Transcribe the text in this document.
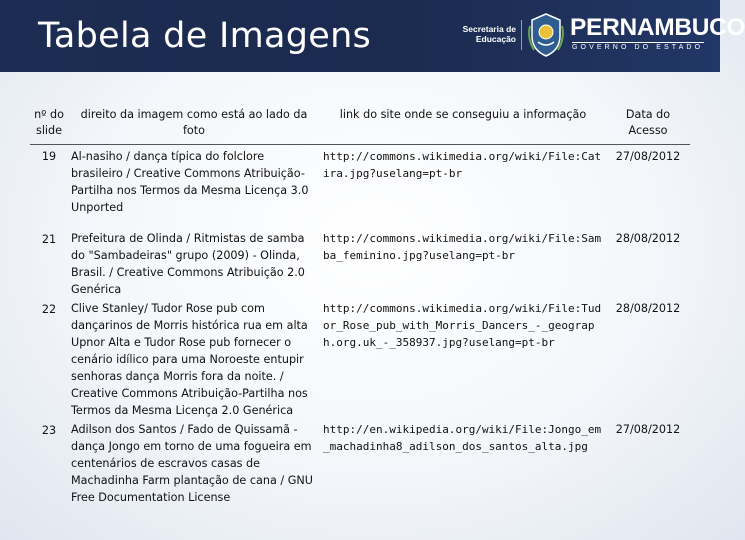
Tabela de Imagens	Secretaria de
Educação PERNAMBUCO
GOVERNO DO ESTADO
nº do slide	direito da imagem como está ao lado da foto	link do site onde se conseguiu a informação	Data do Acesso
19	Al-nasiho / dança típica do folclore brasileiro / Creative Commons Atribuição-Partilha nos Termos da Mesma Licença 3.0 Unported	http://commons.wikimedia.org/wiki/File:Catira.jpg?uselang=pt-br	27/08/2012
21	Prefeitura de Olinda / Ritmistas de samba do "Sambadeiras" grupo (2009) - Olinda, Brasil. / Creative Commons Atribuição 2.0 Genérica	http://commons.wikimedia.org/wiki/File:Samba_feminino.jpg?uselang=pt-br	28/08/2012
22	Clive Stanley/ Tudor Rose pub com dançarinos de Morris histórica rua em alta Upnor Alta e Tudor Rose pub fornecer o cenário idílico para uma Noroeste entupir senhoras dança Morris fora da noite. / Creative Commons Atribuição-Partilha nos Termos da Mesma Licença 2.0 Genérica	http://commons.wikimedia.org/wiki/File:Tudor_Rose_pub_with_Morris_Dancers_-_geograph.org.uk_-_358937.jpg?uselang=pt-br	28/08/2012
23	Adilson dos Santos / Fado de Quissamã - dança Jongo em torno de uma fogueira em centenários de escravos casas de Machadinha Farm plantação de cana / GNU Free Documentation License	http://en.wikipedia.org/wiki/File:Jongo_em_machadinha8_adilson_dos_santos_alta.jpg	27/08/2012
